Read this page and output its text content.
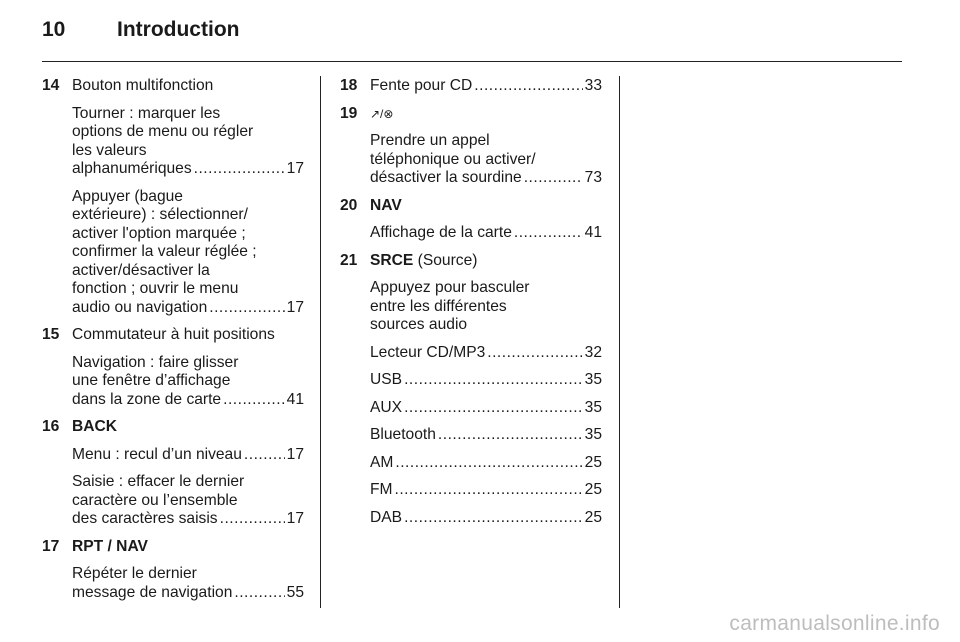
10 Introduction
14 Bouton multifonction
Tourner : marquer les
options de menu ou régler
les valeurs
alphanumériques .....	17
Appuyer (bague
extérieure) : sélectionner/
activer l'option marquée ;
confirmer la valeur réglée ;
activer/désactiver la
fonction ; ouvrir le menu
audio ou navigation .....	17
15 Commutateur à huit positions
Navigation : faire glisser
une fenêtre d’affichage
dans la zone de carte .....	41
16 BACK
Menu : recul d’un niveau .....	17
Saisie : effacer le dernier
caractère ou l’ensemble
des caractères saisis .....	17
17 RPT / NAV
Répéter le dernier
message de navigation .....	55
18 Fente pour CD .....	33
19 ↗/⊗
Prendre un appel
téléphonique ou activer/
désactiver la sourdine .....	73
20 NAV
Affichage de la carte .....	41
21 SRCE (Source)
Appuyez pour basculer
entre les différentes
sources audio
Lecteur CD/MP3 .....	32
USB .....	35
AUX .....	35
Bluetooth .....	35
AM .....	25
FM .....	25
DAB .....	25
carmanualsonline.info
